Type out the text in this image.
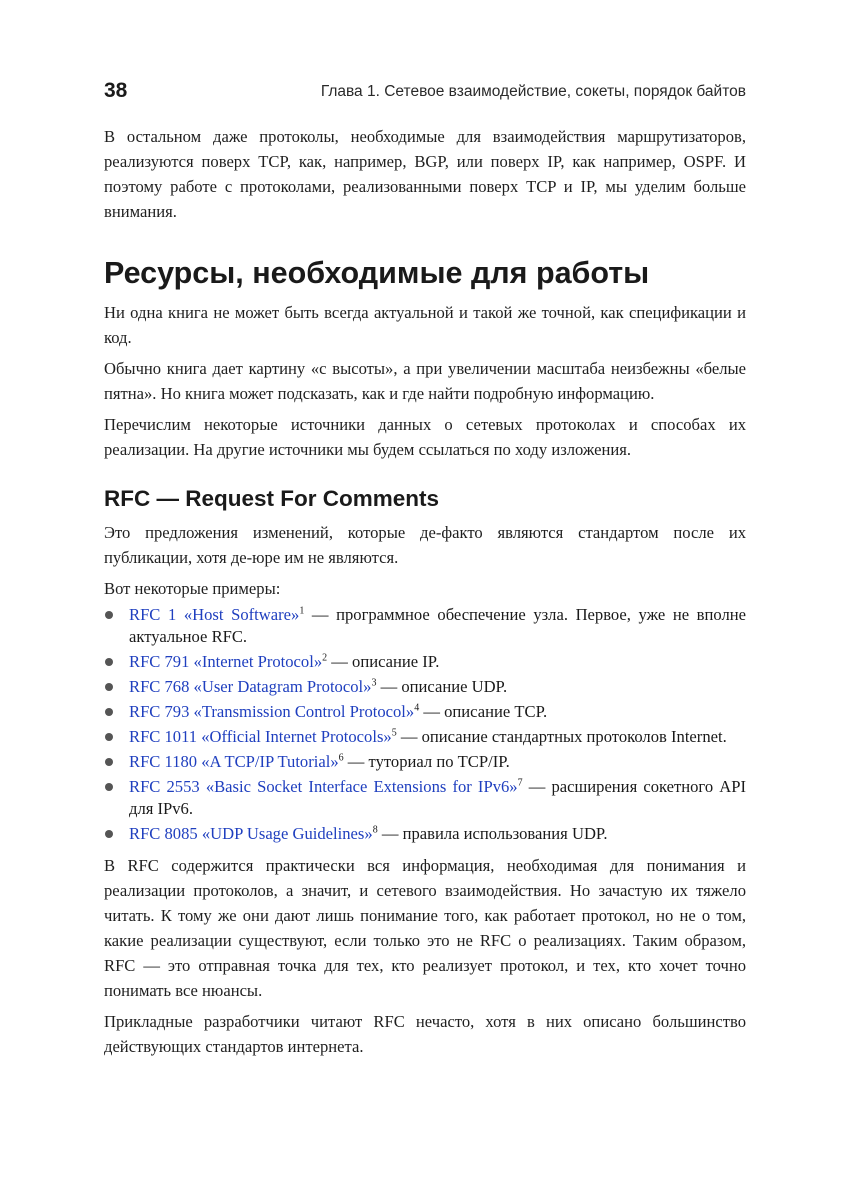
38	Глава 1. Сетевое взаимодействие, сокеты, порядок байтов

В остальном даже протоколы, необходимые для взаимодействия маршрутизаторов, реализуются поверх TCP, как, например, BGP, или поверх IP, как например, OSPF. И поэтому работе с протоколами, реализованными поверх TCP и IP, мы уделим больше внимания.

Ресурсы, необходимые для работы

Ни одна книга не может быть всегда актуальной и такой же точной, как спецификации и код.

Обычно книга дает картину «с высоты», а при увеличении масштаба неизбежны «белые пятна». Но книга может подсказать, как и где найти подробную информацию.

Перечислим некоторые источники данных о сетевых протоколах и способах их реализации. На другие источники мы будем ссылаться по ходу изложения.

RFC — Request For Comments

Это предложения изменений, которые де-факто являются стандартом после их публикации, хотя де-юре им не являются.

Вот некоторые примеры:

RFC 1 «Host Software»$^1$ — программное обеспечение узла. Первое, уже не вполне актуальное RFC.
RFC 791 «Internet Protocol»$^2$ — описание IP.
RFC 768 «User Datagram Protocol»$^3$ — описание UDP.
RFC 793 «Transmission Control Protocol»$^4$ — описание TCP.
RFC 1011 «Official Internet Protocols»$^5$ — описание стандартных протоколов Internet.
RFC 1180 «A TCP/IP Tutorial»$^6$ — туториал по TCP/IP.
RFC 2553 «Basic Socket Interface Extensions for IPv6»$^7$ — расширения сокетного API для IPv6.
RFC 8085 «UDP Usage Guidelines»$^8$ — правила использования UDP.

В RFC содержится практически вся информация, необходимая для понимания и реализации протоколов, а значит, и сетевого взаимодействия. Но зачастую их тяжело читать. К тому же они дают лишь понимание того, как работает протокол, но не о том, какие реализации существуют, если только это не RFC о реализациях. Таким образом, RFC — это отправная точка для тех, кто реализует протокол, и тех, кто хочет точно понимать все нюансы.

Прикладные разработчики читают RFC нечасто, хотя в них описано большинство действующих стандартов интернета.
